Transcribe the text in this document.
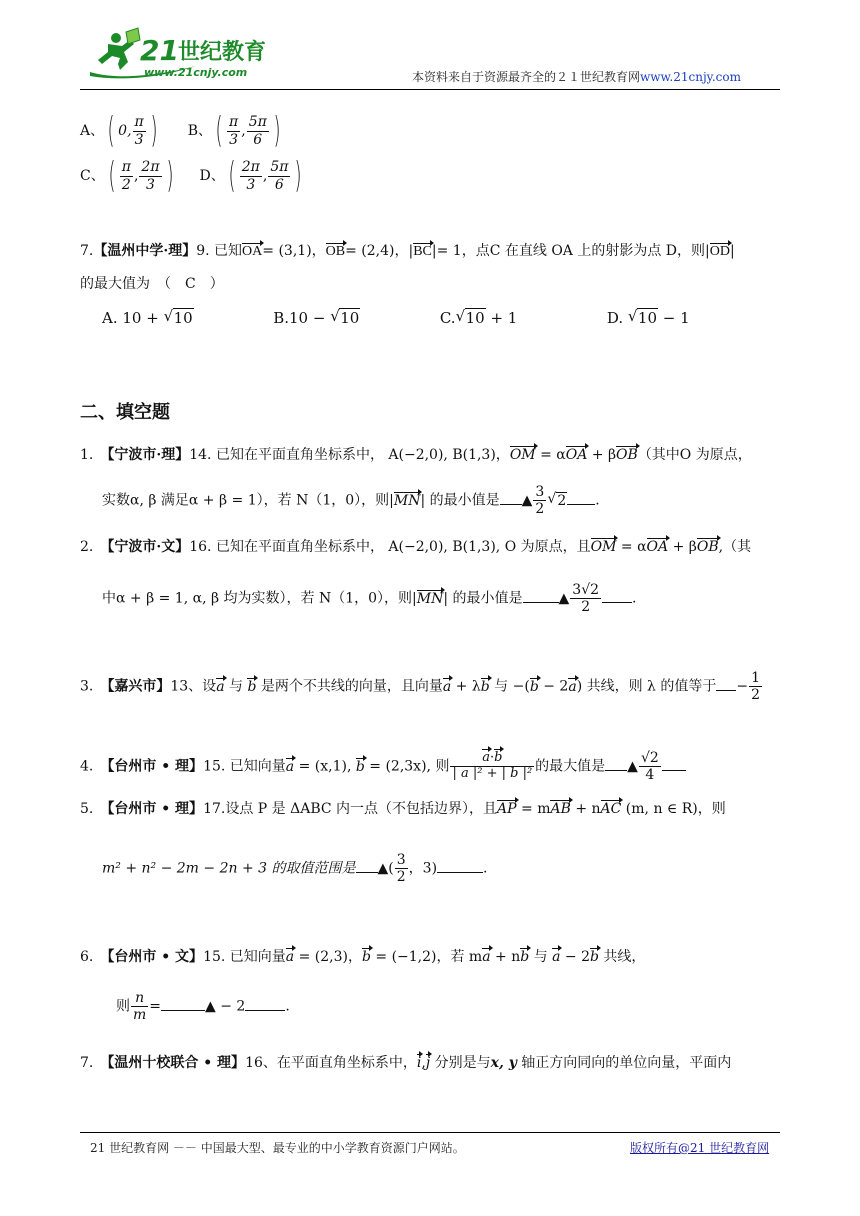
21 世纪教育
www.21cnjy.com	本资料来自于资源最齐全的２１世纪教育网www.21cnjy.com
A、( 0, $\frac{\pi}{3}$ ) B、( $\frac{\pi}{3}$ , $\frac{5\pi}{6}$ )
C、( $\frac{\pi}{2}$ , $\frac{2\pi}{3}$ ) D、( $\frac{2\pi}{3}$ , $\frac{5\pi}{6}$ )
7.【温州中学·理】9. 已知OA= (3,1)，OB= (2,4)，|BC|= 1，点C 在直线 OA 上的射影为点 D，则|OD|
的最大值为　（　C　）
A. 10 + √ 10	B.10 − √ 10	C. √ 10 + 1	D. √ 10 − 1
二、填空题
1.　 【宁波市·理】14. 已知在平面直角坐标系中， A(−2,0), B(1,3)，OM = αOA + βOB（其中O 为原点，
实数α, β 满足α + β = 1），若 N（1，0），则|MN| 的最小值是 ▲ $\frac{3}{2}$ √ 2 .
2.　 【宁波市·文】16. 已知在平面直角坐标系中， A(−2,0), B(1,3), O 为原点，且OM = αOA + βOB,（其
中α + β = 1, α, β 均为实数），若 N（1，0），则|MN| 的最小值是	▲ $\frac{3√2}{2}$ .
3.　 【嘉兴市】13、设a 与 b 是两个不共线的向量，且向量a + λb 与 −(b − 2a) 共线，则 λ 的值等于 − $\frac{1}{2}$
4.　 【台州市 • 理】15. 已知向量a = (x,1), b = (2,3x), 则 $\frac{a\cdot b}{\text{| a |² + | b |²}}$ 的最大值是 ▲ $\frac{√2}{4}$
5.　 【台州市 • 理】17.设点 P 是 ΔABC 内一点（不包括边界），且AP = mAB + nAC (m, n ∈ R)，则
m² + n² − 2m − 2n + 3 的取值范围是 ▲( $\frac{3}{2}$ ，3)	.
6.　 【台州市 • 文】15. 已知向量a = (2,3)，b = (−1,2)，若 ma + nb 与 a − 2b 共线，
则 $\frac{n}{m}$ =	▲ − 2	.
7.　 【温州十校联合 • 理】16、在平面直角坐标系中，i,j 分别是与x, y 轴正方向同向的单位向量，平面内
21 世纪教育网 －－ 中国最大型、最专业的中小学教育资源门户网站。	版权所有@21 世纪教育网
